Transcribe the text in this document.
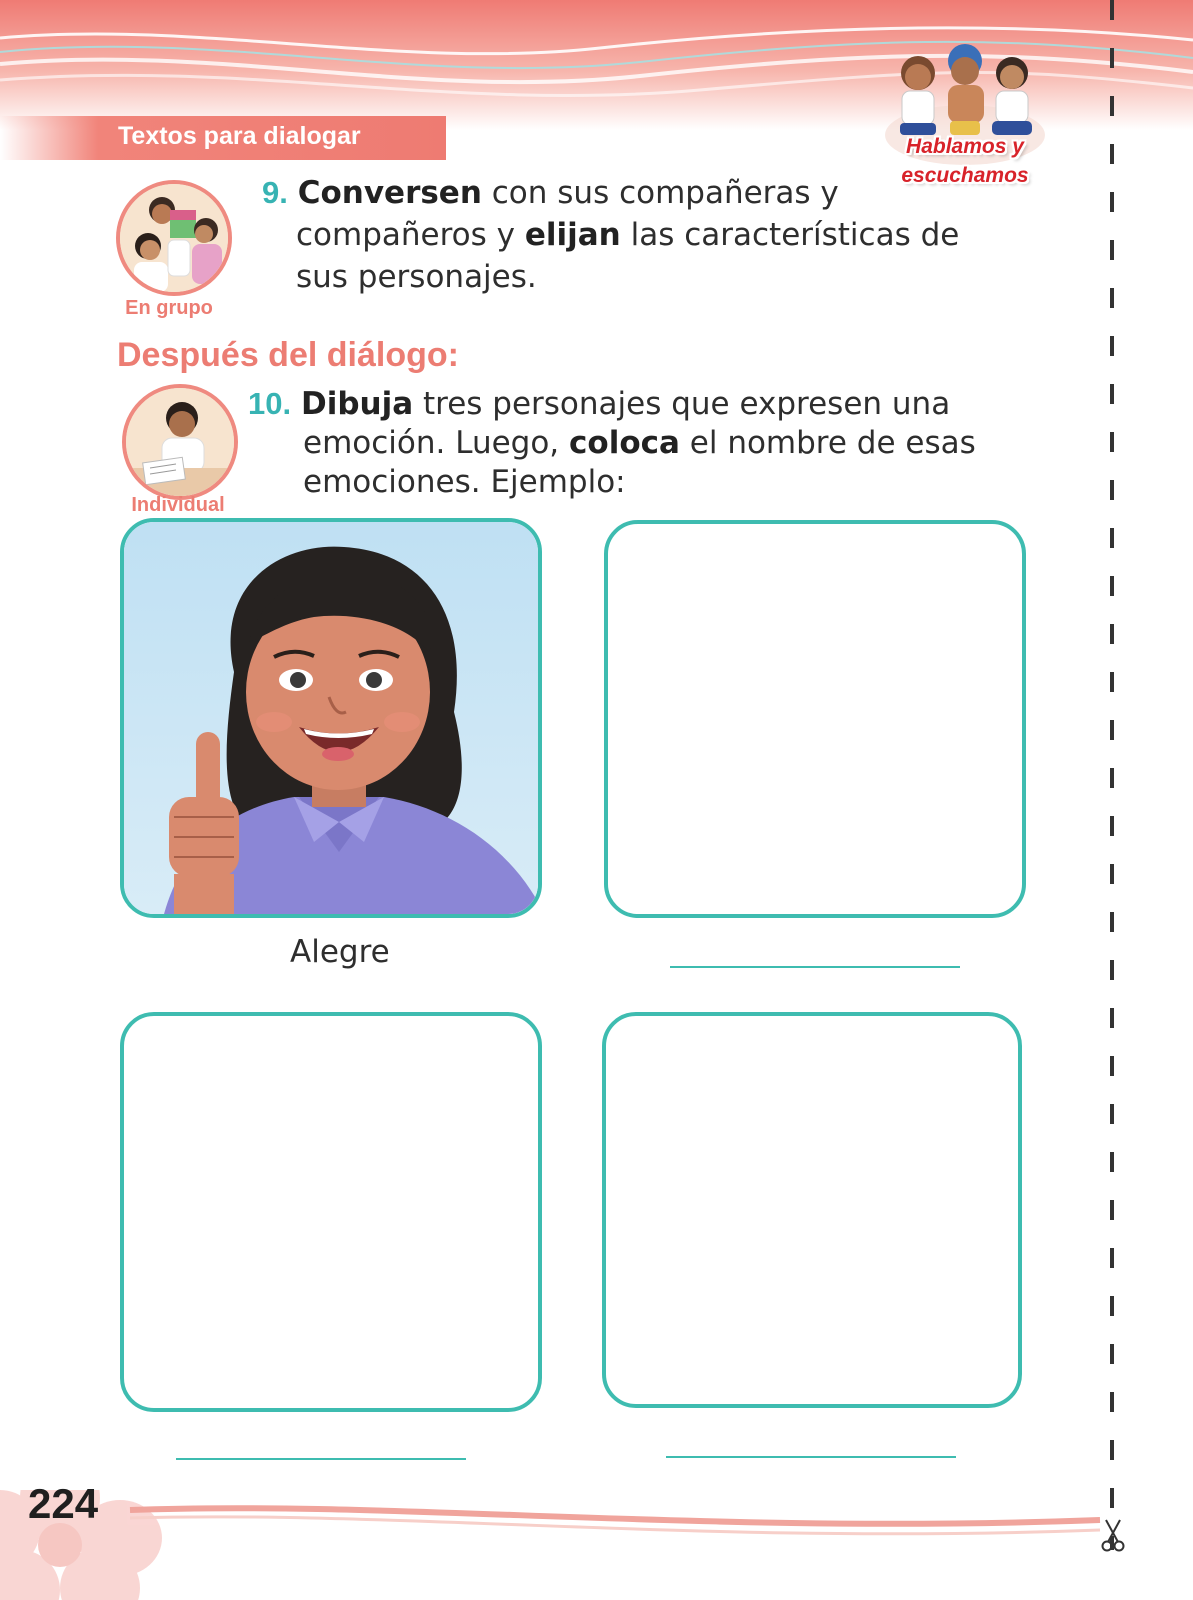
Textos para dialogar	Hablamos y
escuchamos
En grupo
9. Conversen con sus compañeras y
compañeros y elijan las características de
sus personajes.
Después del diálogo:
Individual
10. Dibuja tres personajes que expresen una
emoción. Luego, coloca el nombre de esas
emociones. Ejemplo:
Alegre
224
